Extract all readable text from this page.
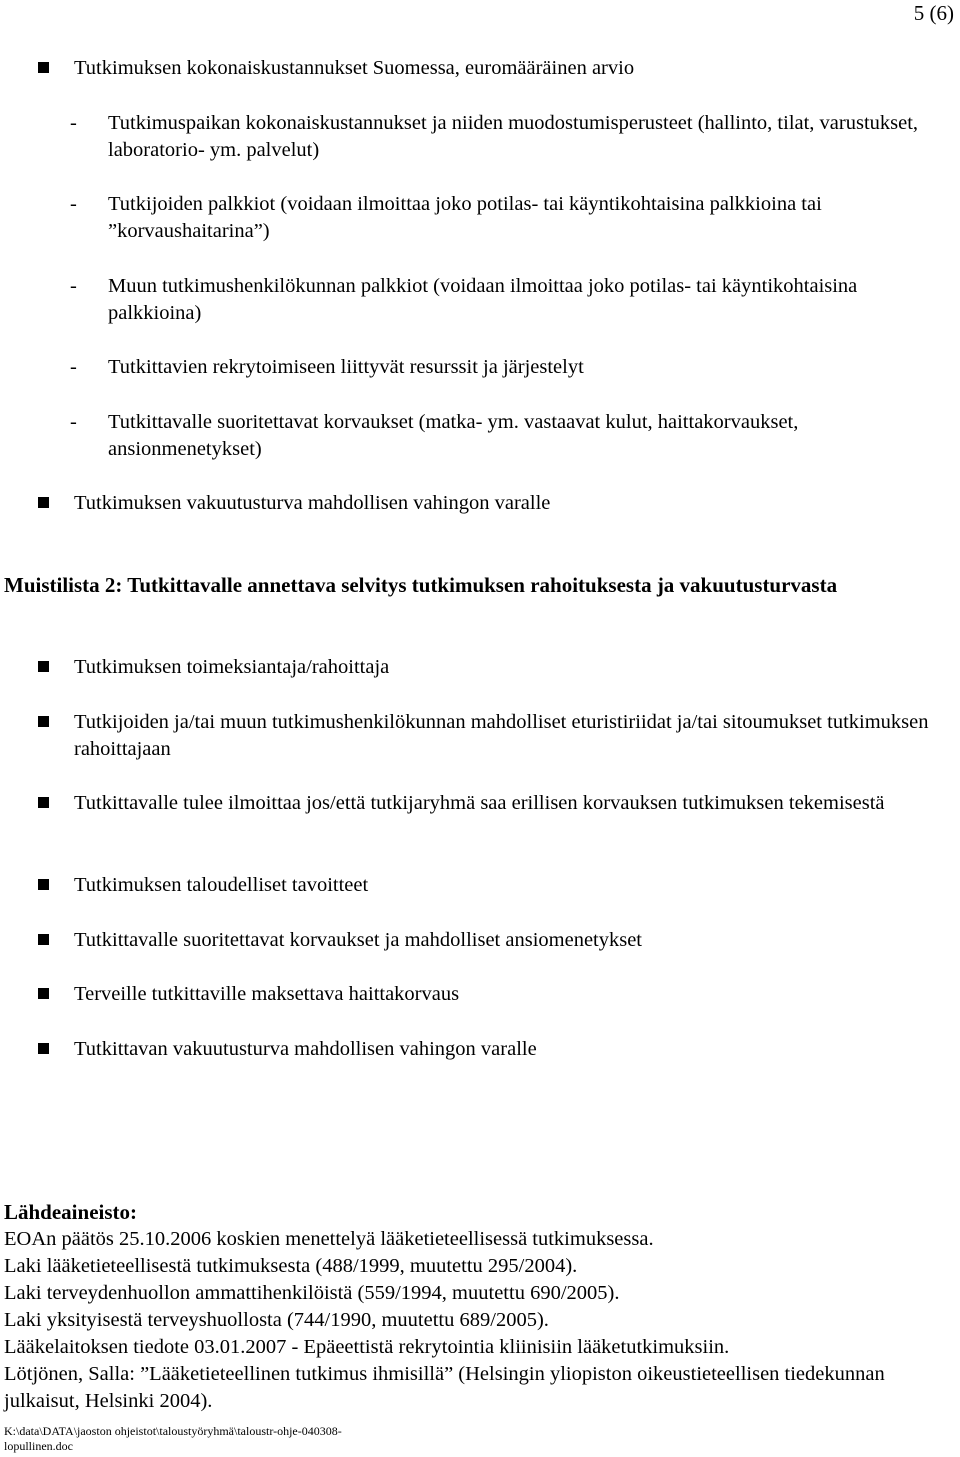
5 (6)
Tutkimuksen kokonaiskustannukset Suomessa, euromääräinen arvio
- Tutkimuspaikan kokonaiskustannukset ja niiden muodostumisperusteet (hallinto, tilat, varustukset, laboratorio- ym. palvelut)
- Tutkijoiden palkkiot (voidaan ilmoittaa joko potilas- tai käyntikohtaisina palkkioina tai ”korvaushaitarina”)
- Muun tutkimushenkilökunnan palkkiot (voidaan ilmoittaa joko potilas- tai käyntikohtaisina palkkioina)
- Tutkittavien rekrytoimiseen liittyvät resurssit ja järjestelyt
- Tutkittavalle suoritettavat korvaukset (matka- ym. vastaavat kulut, haittakorvaukset, ansionmenetykset)
Tutkimuksen vakuutusturva mahdollisen vahingon varalle
Muistilista 2: Tutkittavalle annettava selvitys tutkimuksen rahoituksesta ja vakuutusturvasta
Tutkimuksen toimeksiantaja/rahoittaja
Tutkijoiden ja/tai muun tutkimushenkilökunnan mahdolliset eturistiriidat ja/tai sitoumukset tutkimuksen rahoittajaan
Tutkittavalle tulee ilmoittaa jos/että tutkijaryhmä saa erillisen korvauksen tutkimuksen tekemisestä
Tutkimuksen taloudelliset tavoitteet
Tutkittavalle suoritettavat korvaukset ja mahdolliset ansiomenetykset
Terveille tutkittaville maksettava haittakorvaus
Tutkittavan vakuutusturva mahdollisen vahingon varalle
Lähdeaineisto:
EOAn päätös 25.10.2006 koskien menettelyä lääketieteellisessä tutkimuksessa.
Laki lääketieteellisestä tutkimuksesta (488/1999, muutettu 295/2004).
Laki terveydenhuollon ammattihenkilöistä (559/1994, muutettu 690/2005).
Laki yksityisestä terveyshuollosta (744/1990, muutettu 689/2005).
Lääkelaitoksen tiedote 03.01.2007 - Epäeettistä rekrytointia kliinisiin lääketutkimuksiin.
Lötjönen, Salla: ”Lääketieteellinen tutkimus ihmisillä” (Helsingin yliopiston oikeustieteellisen tiedekunnan julkaisut, Helsinki 2004).
K:\data\DATA\jaoston ohjeistot\taloustyöryhmä\taloustr-ohje-040308-lopullinen.doc
